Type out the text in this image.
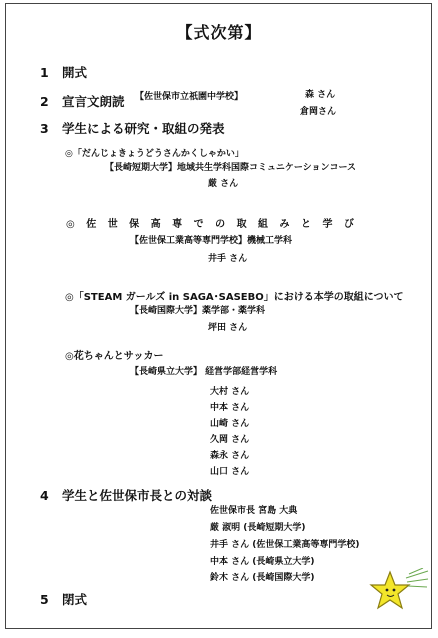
【式次第】
1 開式
2 宣言文朗読 【佐世保市立祇園中学校】	森 さん
倉岡さん
3 学生による研究・取組の発表
◎「だんじょきょうどうさんかくしゃかい」
【長崎短期大学】地域共生学科国際コミュニケーションコース
厳 さん
◎ 佐 世 保 高 専 で の 取 組 み と 学 び
【佐世保工業高等専門学校】機械工学科
井手 さん
◎「STEAM ガールズ in SAGA･SASEBO」における本学の取組について
【長崎国際大学】薬学部・薬学科
坪田 さん
◎花ちゃんとサッカー
【長崎県立大学】 経営学部経営学科
大村 さん
中本 さん
山崎 さん
久岡 さん
森永 さん
山口 さん
4 学生と佐世保市長との対談
佐世保市長 宮島 大典
厳 淑明 (長崎短期大学)
井手 さん (佐世保工業高等専門学校)
中本 さん (長崎県立大学)
鈴木 さん (長崎国際大学)
5 閉式
